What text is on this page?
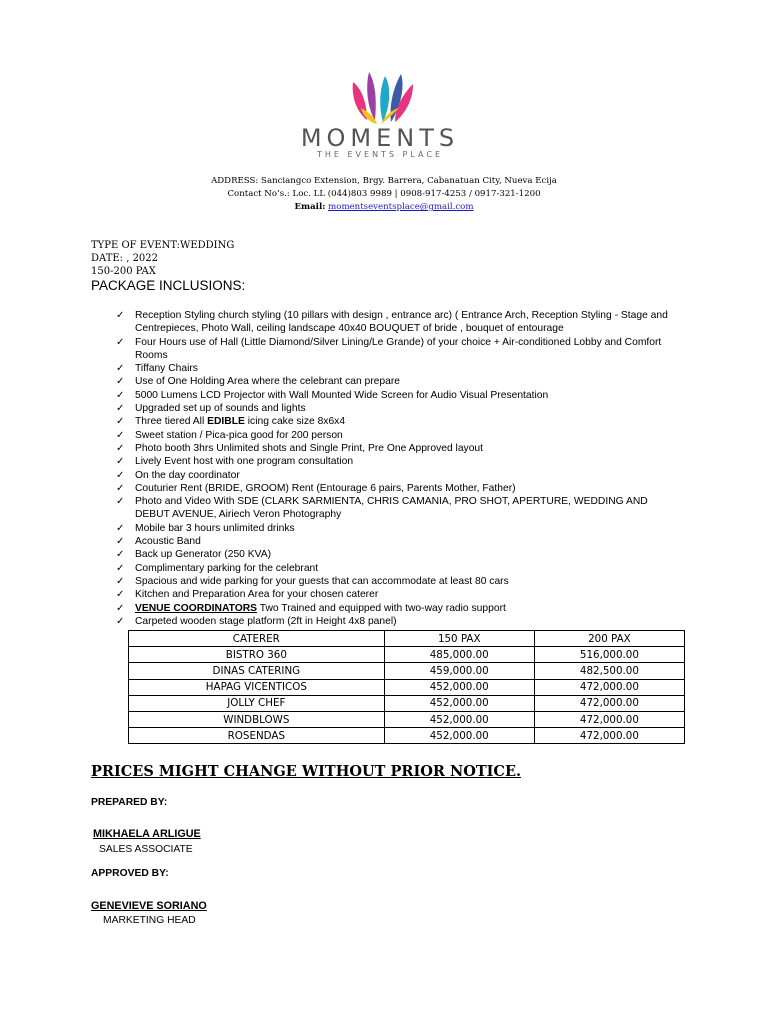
MOMENTS
THE EVENTS PLACE
ADDRESS: Sanciangco Extension, Brgy. Barrera, Cabanatuan City, Nueva Ecija
Contact No’s.: Loc. LL (044)803 9989 | 0908-917-4253 / 0917-321-1200
Email: momentseventsplace@gmail.com
TYPE OF EVENT:WEDDING
DATE: , 2022
150-200 PAX
PACKAGE INCLUSIONS:
✓ Reception Styling church styling (10 pillars with design , entrance arc) ( Entrance Arch, Reception Styling - Stage and Centrepieces, Photo Wall, ceiling landscape 40x40 BOUQUET of bride , bouquet of entourage
✓ Four Hours use of Hall (Little Diamond/Silver Lining/Le Grande) of your choice + Air-conditioned Lobby and Comfort Rooms
✓ Tiffany Chairs
✓ Use of One Holding Area where the celebrant can prepare
✓ 5000 Lumens LCD Projector with Wall Mounted Wide Screen for Audio Visual Presentation
✓ Upgraded set up of sounds and lights
✓ Three tiered All EDIBLE icing cake size 8x6x4
✓ Sweet station / Pica-pica good for 200 person
✓ Photo booth 3hrs Unlimited shots and Single Print, Pre One Approved layout
✓ Lively Event host with one program consultation
✓ On the day coordinator
✓ Couturier Rent (BRIDE, GROOM) Rent (Entourage 6 pairs, Parents Mother, Father)
✓ Photo and Video With SDE (CLARK SARMIENTA, CHRIS CAMANIA, PRO SHOT, APERTURE, WEDDING AND DEBUT AVENUE, Airiech Veron Photography
✓ Mobile bar 3 hours unlimited drinks
✓ Acoustic Band
✓ Back up Generator (250 KVA)
✓ Complimentary parking for the celebrant
✓ Spacious and wide parking for your guests that can accommodate at least 80 cars
✓ Kitchen and Preparation Area for your chosen caterer
✓ VENUE COORDINATORS Two Trained and equipped with two-way radio support
✓ Carpeted wooden stage platform (2ft in Height 4x8 panel)
CATERER	150 PAX	200 PAX
BISTRO 360	485,000.00	516,000.00
DINAS CATERING	459,000.00	482,500.00
HAPAG VICENTICOS	452,000.00	472,000.00
JOLLY CHEF	452,000.00	472,000.00
WINDBLOWS	452,000.00	472,000.00
ROSENDAS	452,000.00	472,000.00
PRICES MIGHT CHANGE WITHOUT PRIOR NOTICE.
PREPARED BY:
MIKHAELA ARLIGUE
SALES ASSOCIATE
APPROVED BY:
GENEVIEVE SORIANO
MARKETING HEAD
